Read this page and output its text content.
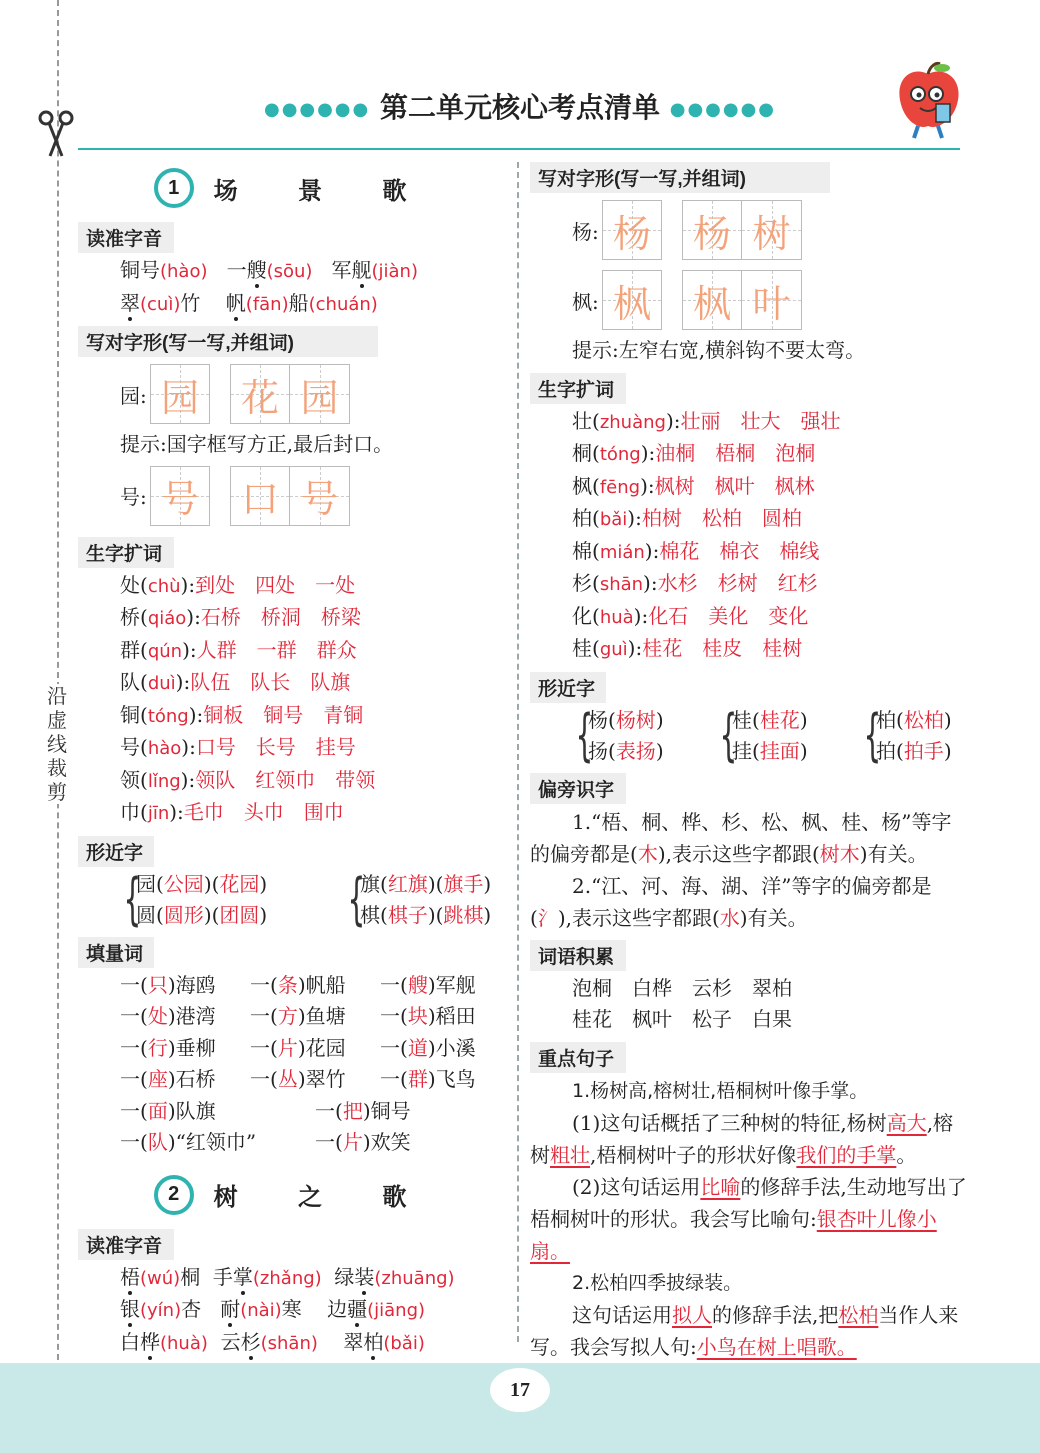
沿
虚
线
裁
剪
●●●●●● 第二单元核心考点清单 ●●●●●●
1	场 景 歌
读准字音
铜号(hào) 一艘(sōu) 军舰(jiàn)
翠(cuì)竹 帆(fān)船(chuán)
写对字形(写一写,并组词)
园: 园 花 园
提示:国字框写方正,最后封口。
号: 号 口 号
生字扩词
处(chù):到处　四处　一处
桥(qiáo):石桥　桥洞　桥梁
群(qún):人群　一群　群众
队(duì):队伍　队长　队旗
铜(tóng):铜板　铜号　青铜
号(hào):口号　长号　挂号
领(lǐng):领队　红领巾　带领
巾(jīn):毛巾　头巾　围巾
形近字
{
园(公园)(花园)
圆(圆形)(团圆) {
旗(红旗)(旗手)
棋(棋子)(跳棋)
填量词
一(只)海鸥 一(条)帆船 一(艘)军舰
一(处)港湾 一(方)鱼塘 一(块)稻田
一(行)垂柳 一(片)花园 一(道)小溪
一(座)石桥 一(丛)翠竹 一(群)飞鸟
一(面)队旗	一(把)铜号
一(队)“红领巾”	一(片)欢笑
2	树 之 歌
读准字音
梧(wú)桐 手掌(zhǎng) 绿装(zhuāng)
银(yín)杏 耐(nài)寒 边疆(jiāng)
白桦(huà) 云杉(shān) 翠柏(bǎi)
写对字形(写一写,并组词)
杨: 杨 杨 树
枫: 枫 枫 叶
提示:左窄右宽,横斜钩不要太弯。
生字扩词
壮(zhuàng):壮丽　壮大　强壮
桐(tóng):油桐　梧桐　泡桐
枫(fēng):枫树　枫叶　枫林
柏(bǎi):柏树　松柏　圆柏
棉(mián):棉花　棉衣　棉线
杉(shān):水杉　杉树　红杉
化(huà):化石　美化　变化
桂(guì):桂花　桂皮　桂树
形近字
{
杨(杨树)
扬(表扬) {
桂(桂花)
挂(挂面) {
柏(松柏)
拍(拍手)
偏旁识字
1.“梧、桐、桦、杉、松、枫、桂、杨”等字的偏旁都是(木),表示这些字都跟(树木)有关。
2.“江、河、海、湖、洋”等字的偏旁都是(氵),表示这些字都跟(水)有关。
词语积累
泡桐　白桦　云杉　翠柏
桂花　枫叶　松子　白果
重点句子
1.杨树高,榕树壮,梧桐树叶像手掌。
(1)这句话概括了三种树的特征,杨树高大,榕树粗壮,梧桐树叶子的形状好像我们的手掌。
(2)这句话运用比喻的修辞手法,生动地写出了梧桐树叶的形状。我会写比喻句:银杏叶儿像小扇。
2.松柏四季披绿装。
这句话运用拟人的修辞手法,把松柏当作人来写。我会写拟人句:小鸟在树上唱歌。
17
